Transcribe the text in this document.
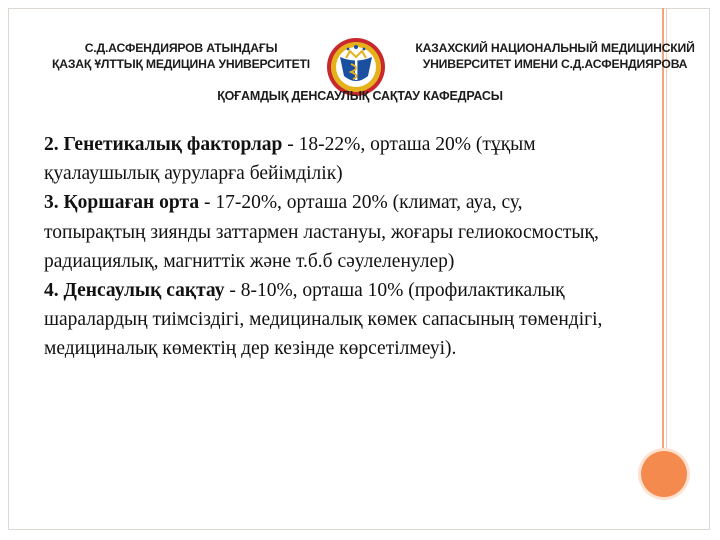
С.Д.АСФЕНДИЯРОВ АТЫНДАҒЫ
ҚАЗАҚ ҰЛТТЫҚ МЕДИЦИНА УНИВЕРСИТЕТІ
КАЗАХСКИЙ НАЦИОНАЛЬНЫЙ МЕДИЦИНСКИЙ
УНИВЕРСИТЕТ ИМЕНИ С.Д.АСФЕНДИЯРОВА
ҚОҒАМДЫҚ ДЕНСАУЛЫҚ САҚТАУ КАФЕДРАСЫ

2. Генетикалық факторлар - 18-22%, орташа 20% (тұқым қуалаушылық ауруларға бейімділік)

3. Қоршаған орта - 17-20%, орташа 20% (климат, ауа, су, топырақтың зиянды заттармен ластануы, жоғары гелиокосмостық, радиациялық, магниттік және т.б.б сәулеленулер)

4. Денсаулық сақтау - 8-10%, орташа 10% (профилактикалық шаралардың тиімсіздігі, медициналық көмек сапасының төмендігі, медициналық көмектің дер кезінде көрсетілмеуі).
